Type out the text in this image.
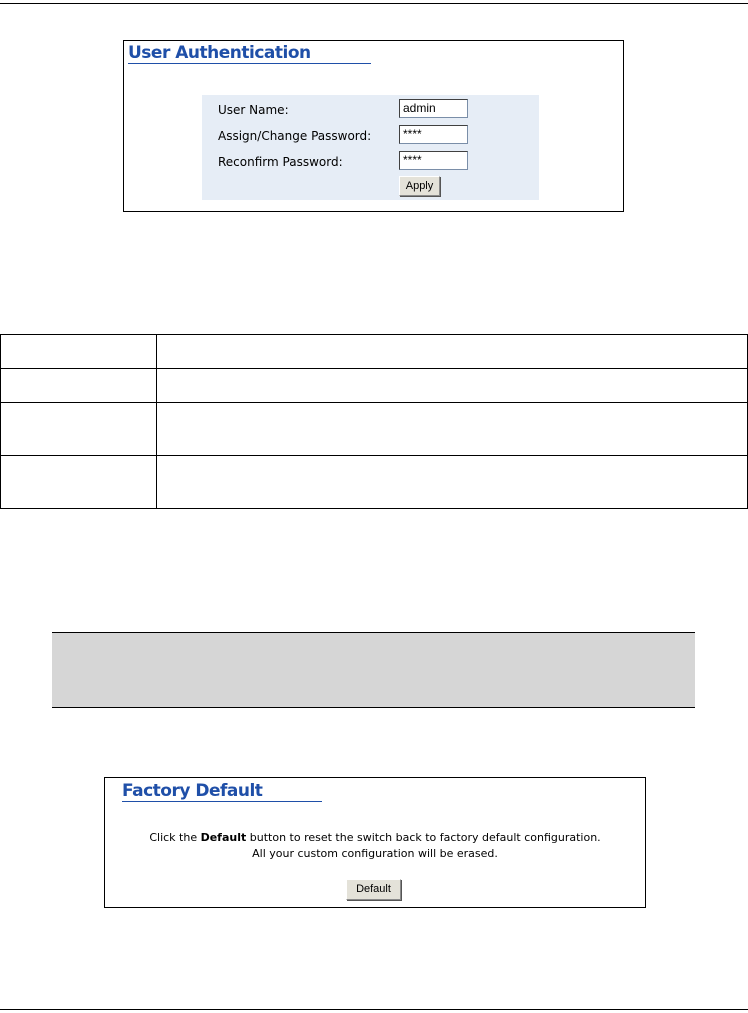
User Authentication
User Name:	admin
Assign/Change Password:	****
Reconfirm Password:	****
Apply

Factory Default
Click the Default button to reset the switch back to factory default configuration.
All your custom configuration will be erased.
Default
